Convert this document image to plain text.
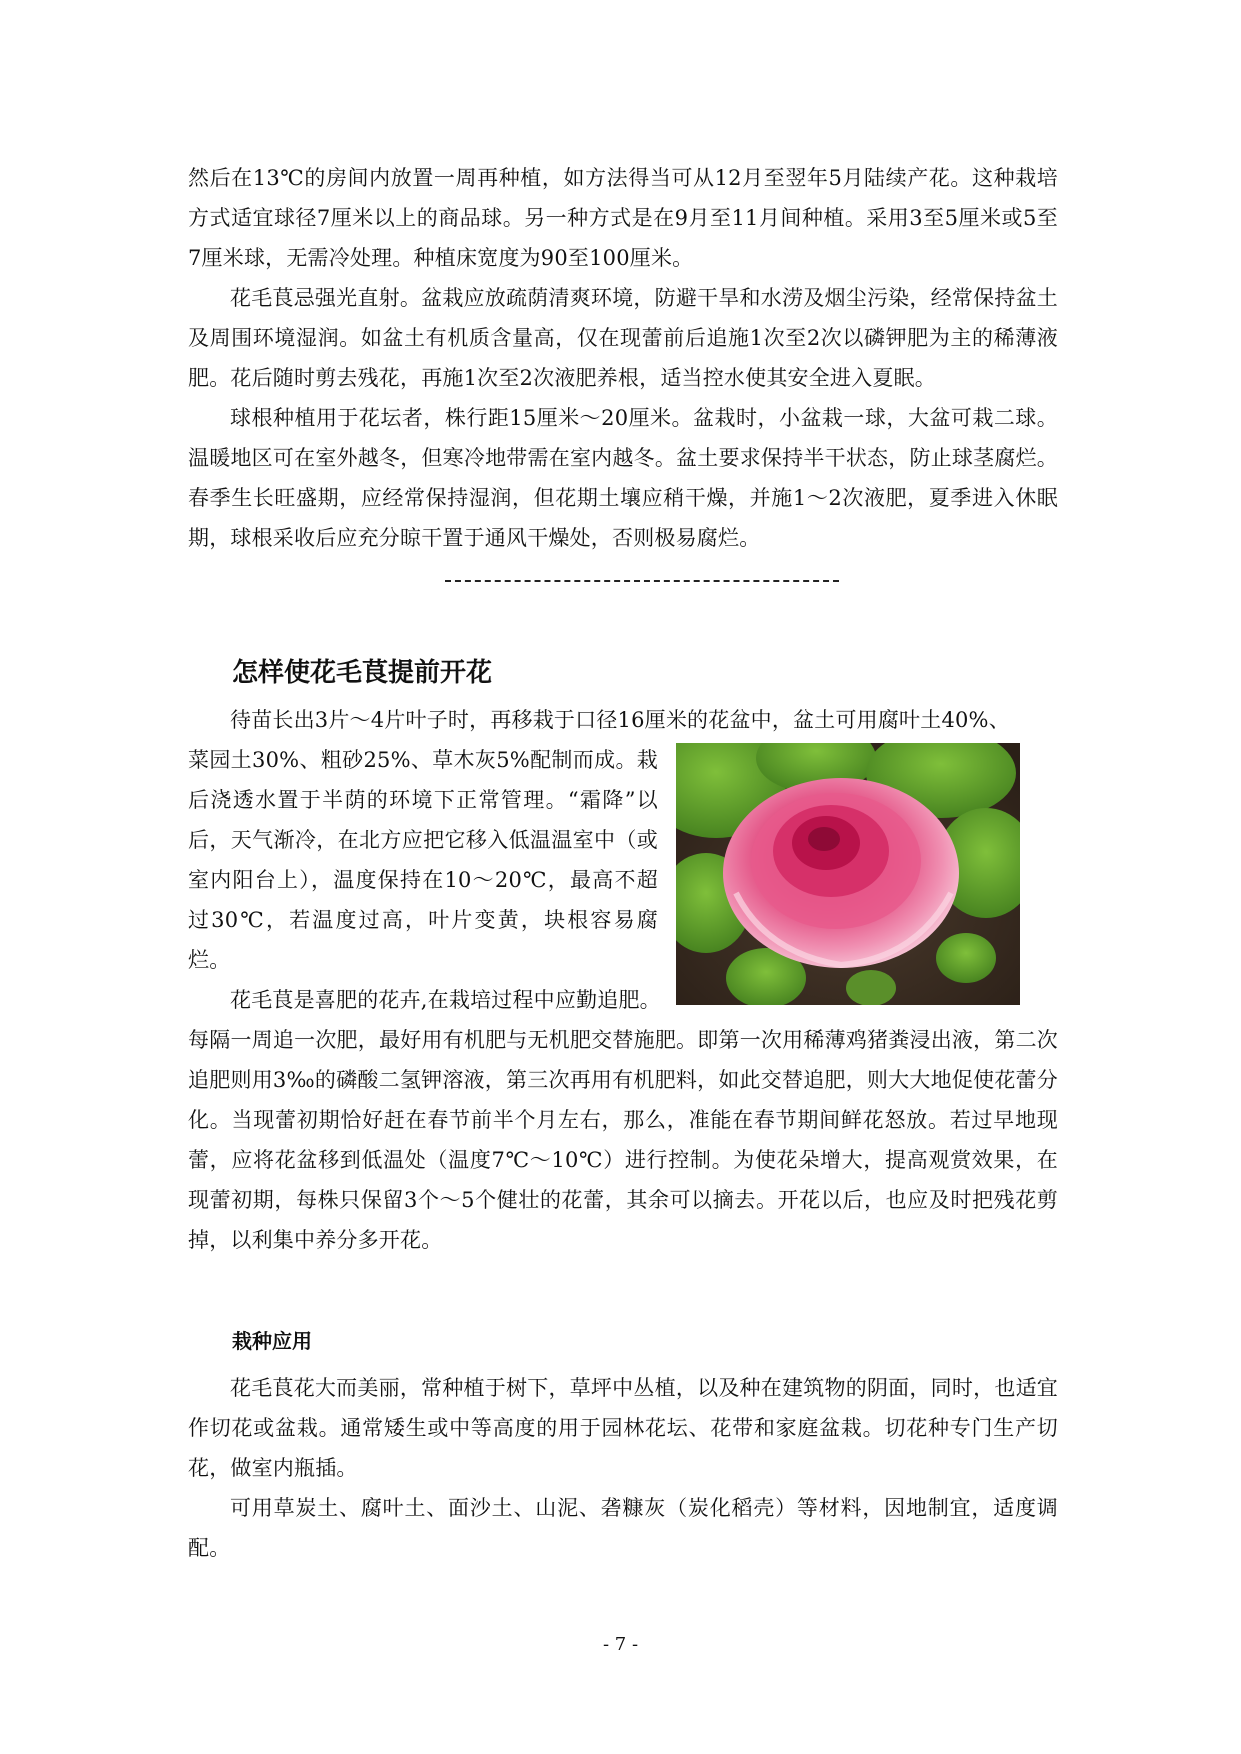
然后在13℃的房间内放置一周再种植，如方法得当可从12月至翌年5月陆续产花。这种栽培方式适宜球径7厘米以上的商品球。另一种方式是在9月至11月间种植。采用3至5厘米或5至7厘米球，无需冷处理。种植床宽度为90至100厘米。

花毛茛忌强光直射。盆栽应放疏荫清爽环境，防避干旱和水涝及烟尘污染，经常保持盆土及周围环境湿润。如盆土有机质含量高，仅在现蕾前后追施1次至2次以磷钾肥为主的稀薄液肥。花后随时剪去残花，再施1次至2次液肥养根，适当控水使其安全进入夏眠。

球根种植用于花坛者，株行距15厘米～20厘米。盆栽时，小盆栽一球，大盆可栽二球。温暖地区可在室外越冬，但寒冷地带需在室内越冬。盆土要求保持半干状态，防止球茎腐烂。春季生长旺盛期，应经常保持湿润，但花期土壤应稍干燥，并施1～2次液肥，夏季进入休眠期，球根采收后应充分晾干置于通风干燥处，否则极易腐烂。

怎样使花毛茛提前开花

待苗长出3片～4片叶子时，再移栽于口径16厘米的花盆中，盆土可用腐叶土40%、

菜园土30%、粗砂25%、草木灰5%配制而成。栽后浇透水置于半荫的环境下正常管理。“霜降”以后，天气渐冷，在北方应把它移入低温温室中（或室内阳台上），温度保持在10～20℃，最高不超过30℃，若温度过高，叶片变黄，块根容易腐烂。

花毛茛是喜肥的花卉,在栽培过程中应勤追肥。

每隔一周追一次肥，最好用有机肥与无机肥交替施肥。即第一次用稀薄鸡猪粪浸出液，第二次追肥则用3‰的磷酸二氢钾溶液，第三次再用有机肥料，如此交替追肥，则大大地促使花蕾分化。当现蕾初期恰好赶在春节前半个月左右，那么，准能在春节期间鲜花怒放。若过早地现蕾，应将花盆移到低温处（温度7℃～10℃）进行控制。为使花朵增大，提高观赏效果，在现蕾初期，每株只保留3个～5个健壮的花蕾，其余可以摘去。开花以后，也应及时把残花剪掉，以利集中养分多开花。

栽种应用

花毛茛花大而美丽，常种植于树下，草坪中丛植，以及种在建筑物的阴面，同时，也适宜作切花或盆栽。通常矮生或中等高度的用于园林花坛、花带和家庭盆栽。切花种专门生产切花，做室内瓶插。

可用草炭土、腐叶土、面沙土、山泥、砻糠灰（炭化稻壳）等材料，因地制宜，适度调配。

- 7 -
